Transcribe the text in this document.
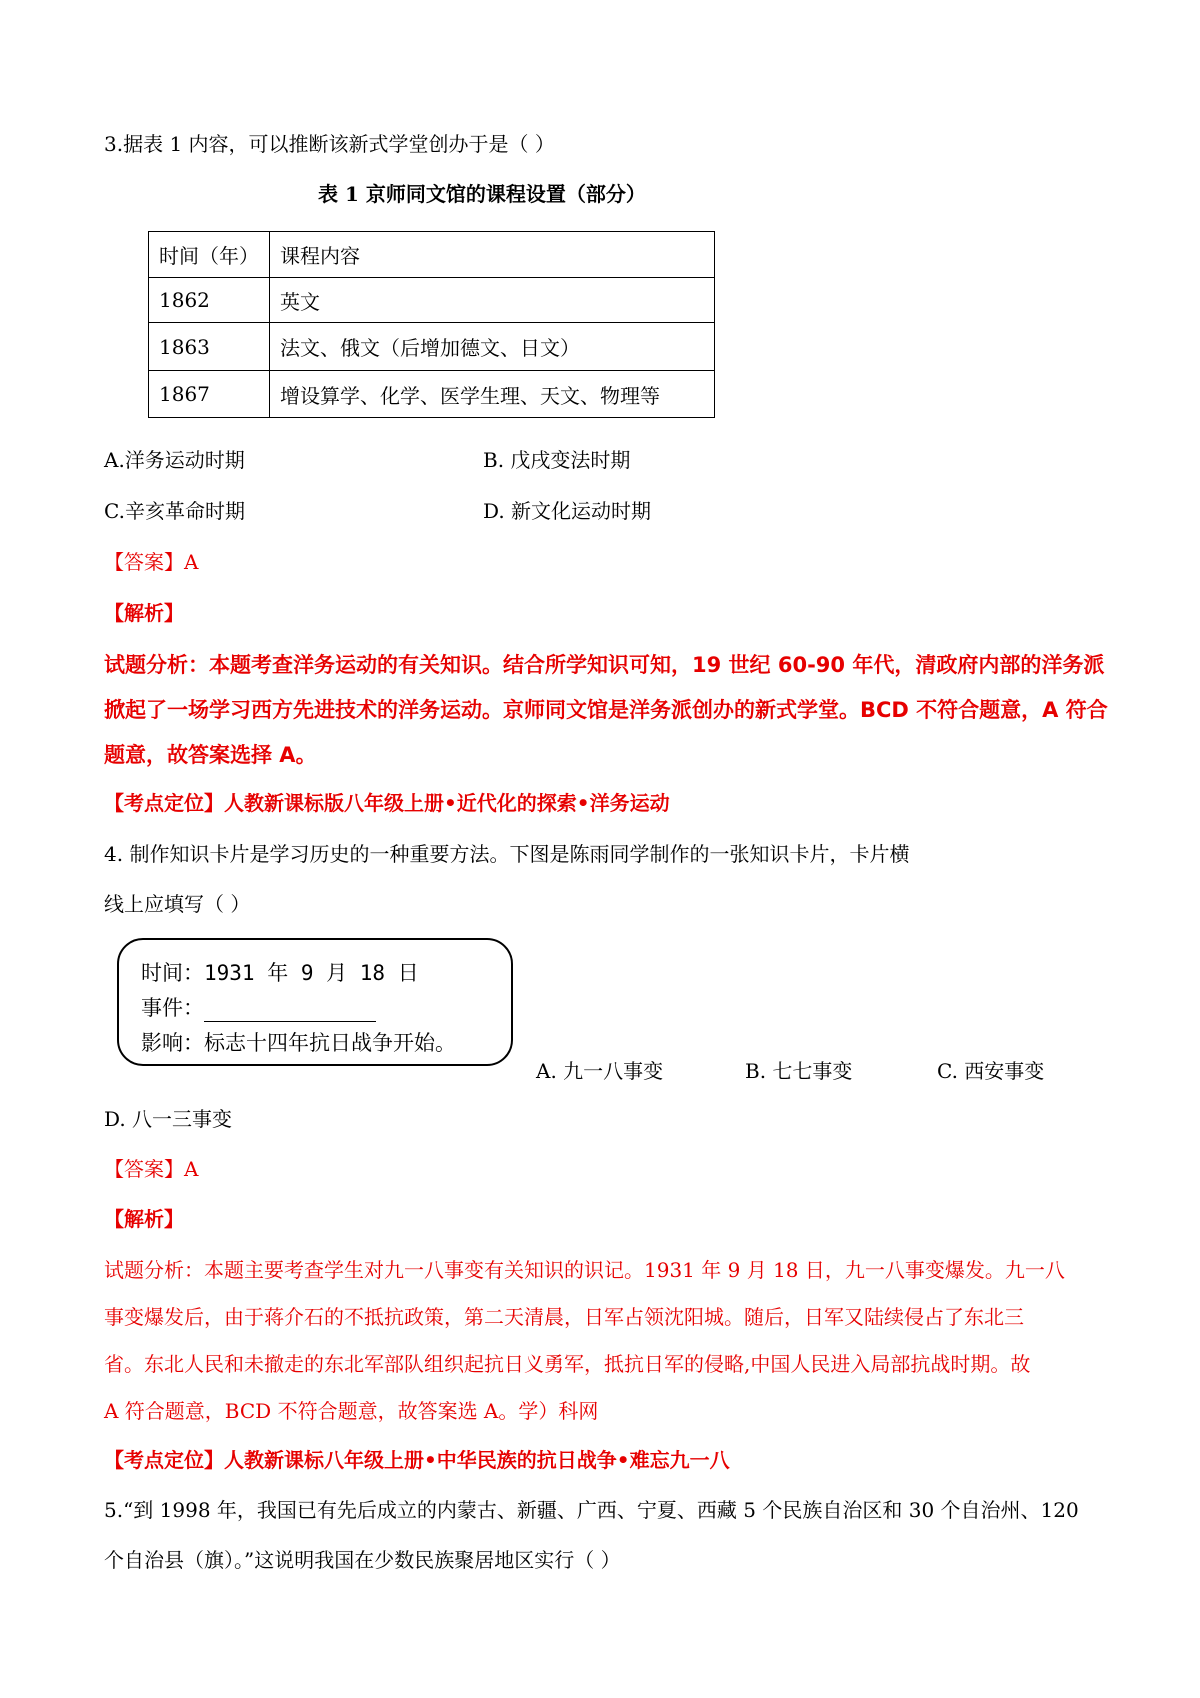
3.据表 1 内容，可以推断该新式学堂创办于是（ ）
表 1 京师同文馆的课程设置（部分）
时间（年）	课程内容
1862	英文
1863	法文、俄文（后增加德文、日文）
1867	增设算学、化学、医学生理、天文、物理等
A.洋务运动时期	B. 戊戌变法时期
C.辛亥革命时期	D. 新文化运动时期
【答案】A
【解析】
试题分析：本题考查洋务运动的有关知识。结合所学知识可知，19 世纪 60-90 年代，清政府内部的洋务派
掀起了一场学习西方先进技术的洋务运动。京师同文馆是洋务派创办的新式学堂。BCD 不符合题意，A 符合
题意，故答案选择 A。
【考点定位】人教新课标版八年级上册•近代化的探索•洋务运动
4. 制作知识卡片是学习历史的一种重要方法。下图是陈雨同学制作的一张知识卡片，卡片横
线上应填写（ ）
时间：1931 年 9 月 18 日
事件：
影响：标志十四年抗日战争开始。
A. 九一八事变	B. 七七事变	C. 西安事变
D. 八一三事变
【答案】A
【解析】
试题分析：本题主要考查学生对九一八事变有关知识的识记。1931 年 9 月 18 日，九一八事变爆发。九一八
事变爆发后，由于蒋介石的不抵抗政策，第二天清晨，日军占领沈阳城。随后，日军又陆续侵占了东北三
省。东北人民和未撤走的东北军部队组织起抗日义勇军，抵抗日军的侵略,中国人民进入局部抗战时期。故
A 符合题意，BCD 不符合题意，故答案选 A。学）科网
【考点定位】人教新课标八年级上册•中华民族的抗日战争•难忘九一八
5.“到 1998 年，我国已有先后成立的内蒙古、新疆、广西、宁夏、西藏 5 个民族自治区和 30 个自治州、120
个自治县（旗）。”这说明我国在少数民族聚居地区实行（ ）
